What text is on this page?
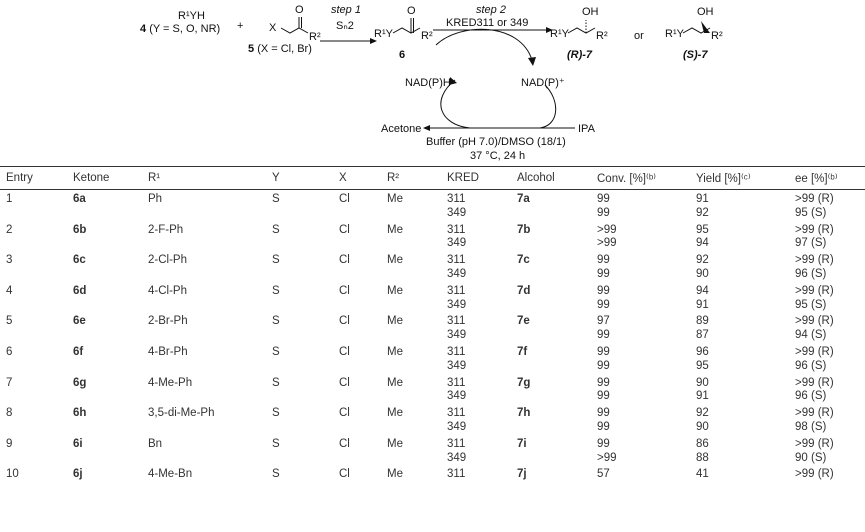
R¹YH
4 (Y = S, O, NR) + X
O
R²
5 (X = Cl, Br)
step 1
Sₙ2
R¹Y
O
R²
6
step 2
KRED311 or 349
R¹Y
OH
R²
(R)-7
or R¹Y
OH
R²
(S)-7
NAD(P)H	NAD(P)⁺
Acetone	IPA
Buffer (pH 7.0)/DMSO (18/1)
37 °C, 24 h
Entry	Ketone	R¹	Y	X	R²	KRED	Alcohol	Conv. [%]⁽ᵇ⁾	Yield [%]⁽ᶜ⁾	ee [%]⁽ᵇ⁾
1	6a	Ph	S	Cl	Me	311	7a	99	91	>99 (R)
						349		99	92	95 (S)
2	6b	2-F-Ph	S	Cl	Me	311	7b	>99	95	>99 (R)
						349		>99	94	97 (S)
3	6c	2-Cl-Ph	S	Cl	Me	311	7c	99	92	>99 (R)
						349		99	90	96 (S)
4	6d	4-Cl-Ph	S	Cl	Me	311	7d	99	94	>99 (R)
						349		99	91	95 (S)
5	6e	2-Br-Ph	S	Cl	Me	311	7e	97	89	>99 (R)
						349		99	87	94 (S)
6	6f	4-Br-Ph	S	Cl	Me	311	7f	99	96	>99 (R)
						349		99	95	96 (S)
7	6g	4-Me-Ph	S	Cl	Me	311	7g	99	90	>99 (R)
						349		99	91	96 (S)
8	6h	3,5-di-Me-Ph	S	Cl	Me	311	7h	99	92	>99 (R)
						349		99	90	98 (S)
9	6i	Bn	S	Cl	Me	311	7i	99	86	>99 (R)
						349		>99	88	90 (S)
10	6j	4-Me-Bn	S	Cl	Me	311	7j	57	41	>99 (R)
